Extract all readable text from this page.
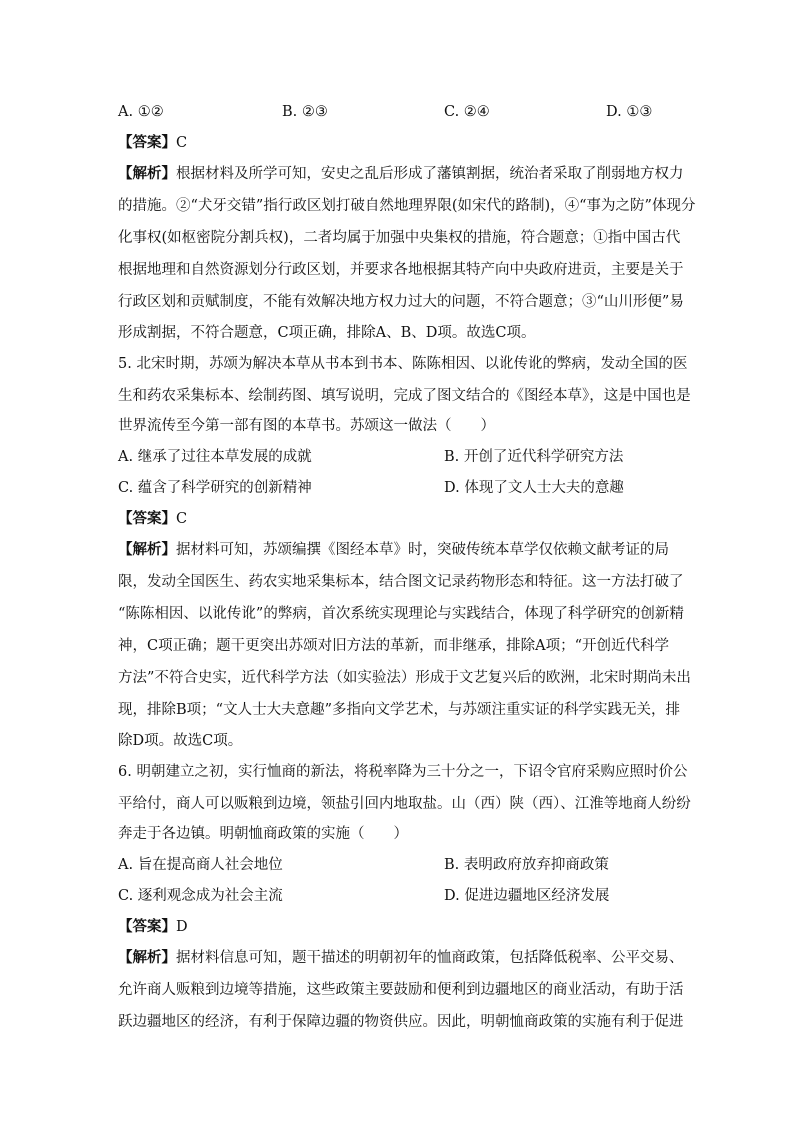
A. ①②	B. ②③	C. ②④	D. ①③
【答案】C
【解析】根据材料及所学可知，安史之乱后形成了藩镇割据，统治者采取了削弱地方权力
的措施。②“犬牙交错”指行政区划打破自然地理界限(如宋代的路制)，④“事为之防”体现分
化事权(如枢密院分割兵权)，二者均属于加强中央集权的措施，符合题意；①指中国古代
根据地理和自然资源划分行政区划，并要求各地根据其特产向中央政府进贡，主要是关于
行政区划和贡赋制度，不能有效解决地方权力过大的问题，不符合题意；③“山川形便”易
形成割据，不符合题意，C项正确，排除A、B、D项。故选C项。
5. 北宋时期，苏颂为解决本草从书本到书本、陈陈相因、以讹传讹的弊病，发动全国的医
生和药农采集标本、绘制药图、填写说明，完成了图文结合的《图经本草》，这是中国也是
世界流传至今第一部有图的本草书。苏颂这一做法（　　）
A. 继承了过往本草发展的成就	B. 开创了近代科学研究方法
C. 蕴含了科学研究的创新精神	D. 体现了文人士大夫的意趣
【答案】C
【解析】据材料可知，苏颂编撰《图经本草》时，突破传统本草学仅依赖文献考证的局
限，发动全国医生、药农实地采集标本，结合图文记录药物形态和特征。这一方法打破了
“陈陈相因、以讹传讹”的弊病，首次系统实现理论与实践结合，体现了科学研究的创新精
神，C项正确；题干更突出苏颂对旧方法的革新，而非继承，排除A项；“开创近代科学
方法”不符合史实，近代科学方法（如实验法）形成于文艺复兴后的欧洲，北宋时期尚未出
现，排除B项；“文人士大夫意趣”多指向文学艺术，与苏颂注重实证的科学实践无关，排
除D项。故选C项。
6. 明朝建立之初，实行恤商的新法，将税率降为三十分之一，下诏令官府采购应照时价公
平给付，商人可以贩粮到边境，领盐引回内地取盐。山（西）陕（西）、江淮等地商人纷纷
奔走于各边镇。明朝恤商政策的实施（　　）
A. 旨在提高商人社会地位	B. 表明政府放弃抑商政策
C. 逐利观念成为社会主流	D. 促进边疆地区经济发展
【答案】D
【解析】据材料信息可知，题干描述的明朝初年的恤商政策，包括降低税率、公平交易、
允许商人贩粮到边境等措施，这些政策主要鼓励和便利到边疆地区的商业活动，有助于活
跃边疆地区的经济，有利于保障边疆的物资供应。因此，明朝恤商政策的实施有利于促进
